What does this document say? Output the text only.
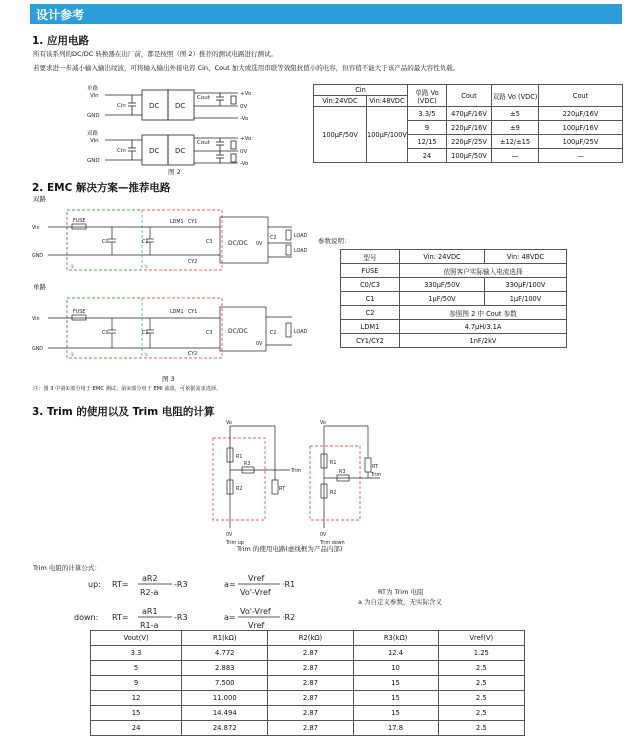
设计参考
1. 应用电路
所有该系列的DC/DC 转换器在出厂前，都是按照（图 2）推荐的测试电路进行测试。
若要求进一步减小输入输出纹波，可将输入输出外接电容 Cin、Cout 加大或选用串联等效阻抗值小的电容，但容值不能大于该产品的最大容性负载。
单路
Vin
GND
Cin	DC DC
Cout
+Vo
0V
-Vo
双路
Vin
GND
Cin	DC DC
Cout
+Vo
0V
-Vo
图 2
Cin		单路 Vo (VDC)	Cout	双路 Vo (VDC)	Cout
Vin:24VDC	Vin:48VDC				
100μF/50V	100μF/100V	3.3/5	470μF/16V	±5	220μF/16V
		9	220μF/16V	±9	100μF/16V
		12/15	220μF/25V	±12/±15	100μF/25V
		24	100μF/50V	—	—
2. EMC 解决方案—推荐电路
双路
Vin
GND
FUSE	LDM1 CY1
CY2
C0	C1	C3	DC/DC 0V
C2	LOAD
LOAD
①	②
单路
Vin
GND
FUSE	LDM1 CY1
CY2
C0	C1	C3	DC/DC
0V
C2	LOAD
①	②
图 3
注：图 3 中第①部分用于 EMC 测试；第②部分用于 EMI 滤波，可依据需求选择。
参数说明：
型号	Vin: 24VDC	Vin: 48VDC
FUSE	依照客户实际输入电流选择	
C0/C3	330μF/50V	330μF/100V
C1	1μF/50V	1μF/100V
C2	参照图 2 中 Cout 参数	
LDM1	4.7μH/3.1A	
CY1/CY2	1nF/2kV	
3. Trim 的使用以及 Trim 电阻的计算
Vo
R1
R2
R3
RT
Trim
0V
Vo
R1
R2
R3
RT
Trim
0V
Trim up	Trim down
Trim 的使用电路(虚线框为产品内部)
Trim 电阻的计算公式：
up: RT=
aR2
R2-a
-R3	a=
Vref
Vo'-Vref
·R1
down: RT=
aR1
R1-a
-R3	a=
Vo'-Vref
Vref
·R2
RT为 Trim 电阻
a 为自定义参数，无实际含义
Vout(V)	R1(kΩ)	R2(kΩ)	R3(kΩ)	Vref(V)
3.3	4.772	2.87	12.4	1.25
5	2.883	2.87	10	2.5
9	7.500	2.87	15	2.5
12	11.000	2.87	15	2.5
15	14.494	2.87	15	2.5
24	24.872	2.87	17.8	2.5
